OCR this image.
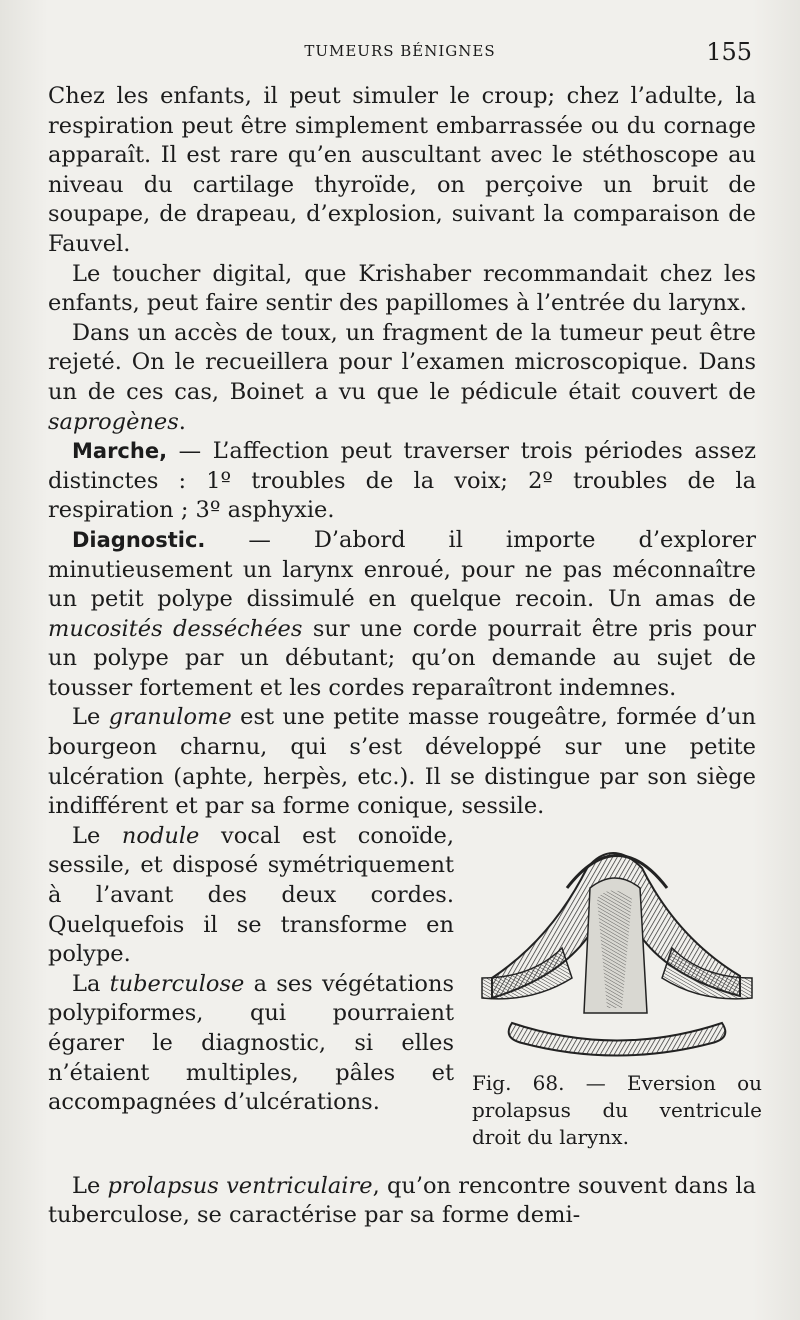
TUMEURS BÉNIGNES	155

Chez les enfants, il peut simuler le croup; chez l’adulte, la respiration peut être simplement embarrassée ou du cornage apparaît. Il est rare qu’en auscultant avec le stéthoscope au niveau du cartilage thyroïde, on perçoive un bruit de soupape, de drapeau, d’explosion, suivant la comparaison de Fauvel.

Le toucher digital, que Krishaber recommandait chez les enfants, peut faire sentir des papillomes à l’entrée du larynx.

Dans un accès de toux, un fragment de la tumeur peut être rejeté. On le recueillera pour l’examen microscopique. Dans un de ces cas, Boinet a vu que le pédicule était couvert de saprogènes.

Marche, — L’affection peut traverser trois périodes assez distinctes : 1º troubles de la voix; 2º troubles de la respiration ; 3º asphyxie.

Diagnostic. — D’abord il importe d’explorer minutieusement un larynx enroué, pour ne pas méconnaître un petit polype dissimulé en quelque recoin. Un amas de mucosités desséchées sur une corde pourrait être pris pour un polype par un débutant; qu’on demande au sujet de tousser fortement et les cordes reparaîtront indemnes.

Le granulome est une petite masse rougeâtre, formée d’un bourgeon charnu, qui s’est développé sur une petite ulcération (aphte, herpès, etc.). Il se distingue par son siège indifférent et par sa forme conique, sessile.

Fig. 68. — Eversion ou prolapsus du ventricule droit du larynx.

Le nodule vocal est conoïde, sessile, et disposé symétriquement à l’avant des deux cordes. Quelquefois il se transforme en polype.

La tuberculose a ses végétations polypiformes, qui pourraient égarer le diagnostic, si elles n’étaient multiples, pâles et accompagnées d’ulcérations.

Le prolapsus ventriculaire, qu’on rencontre souvent dans la tuberculose, se caractérise par sa forme demi-
